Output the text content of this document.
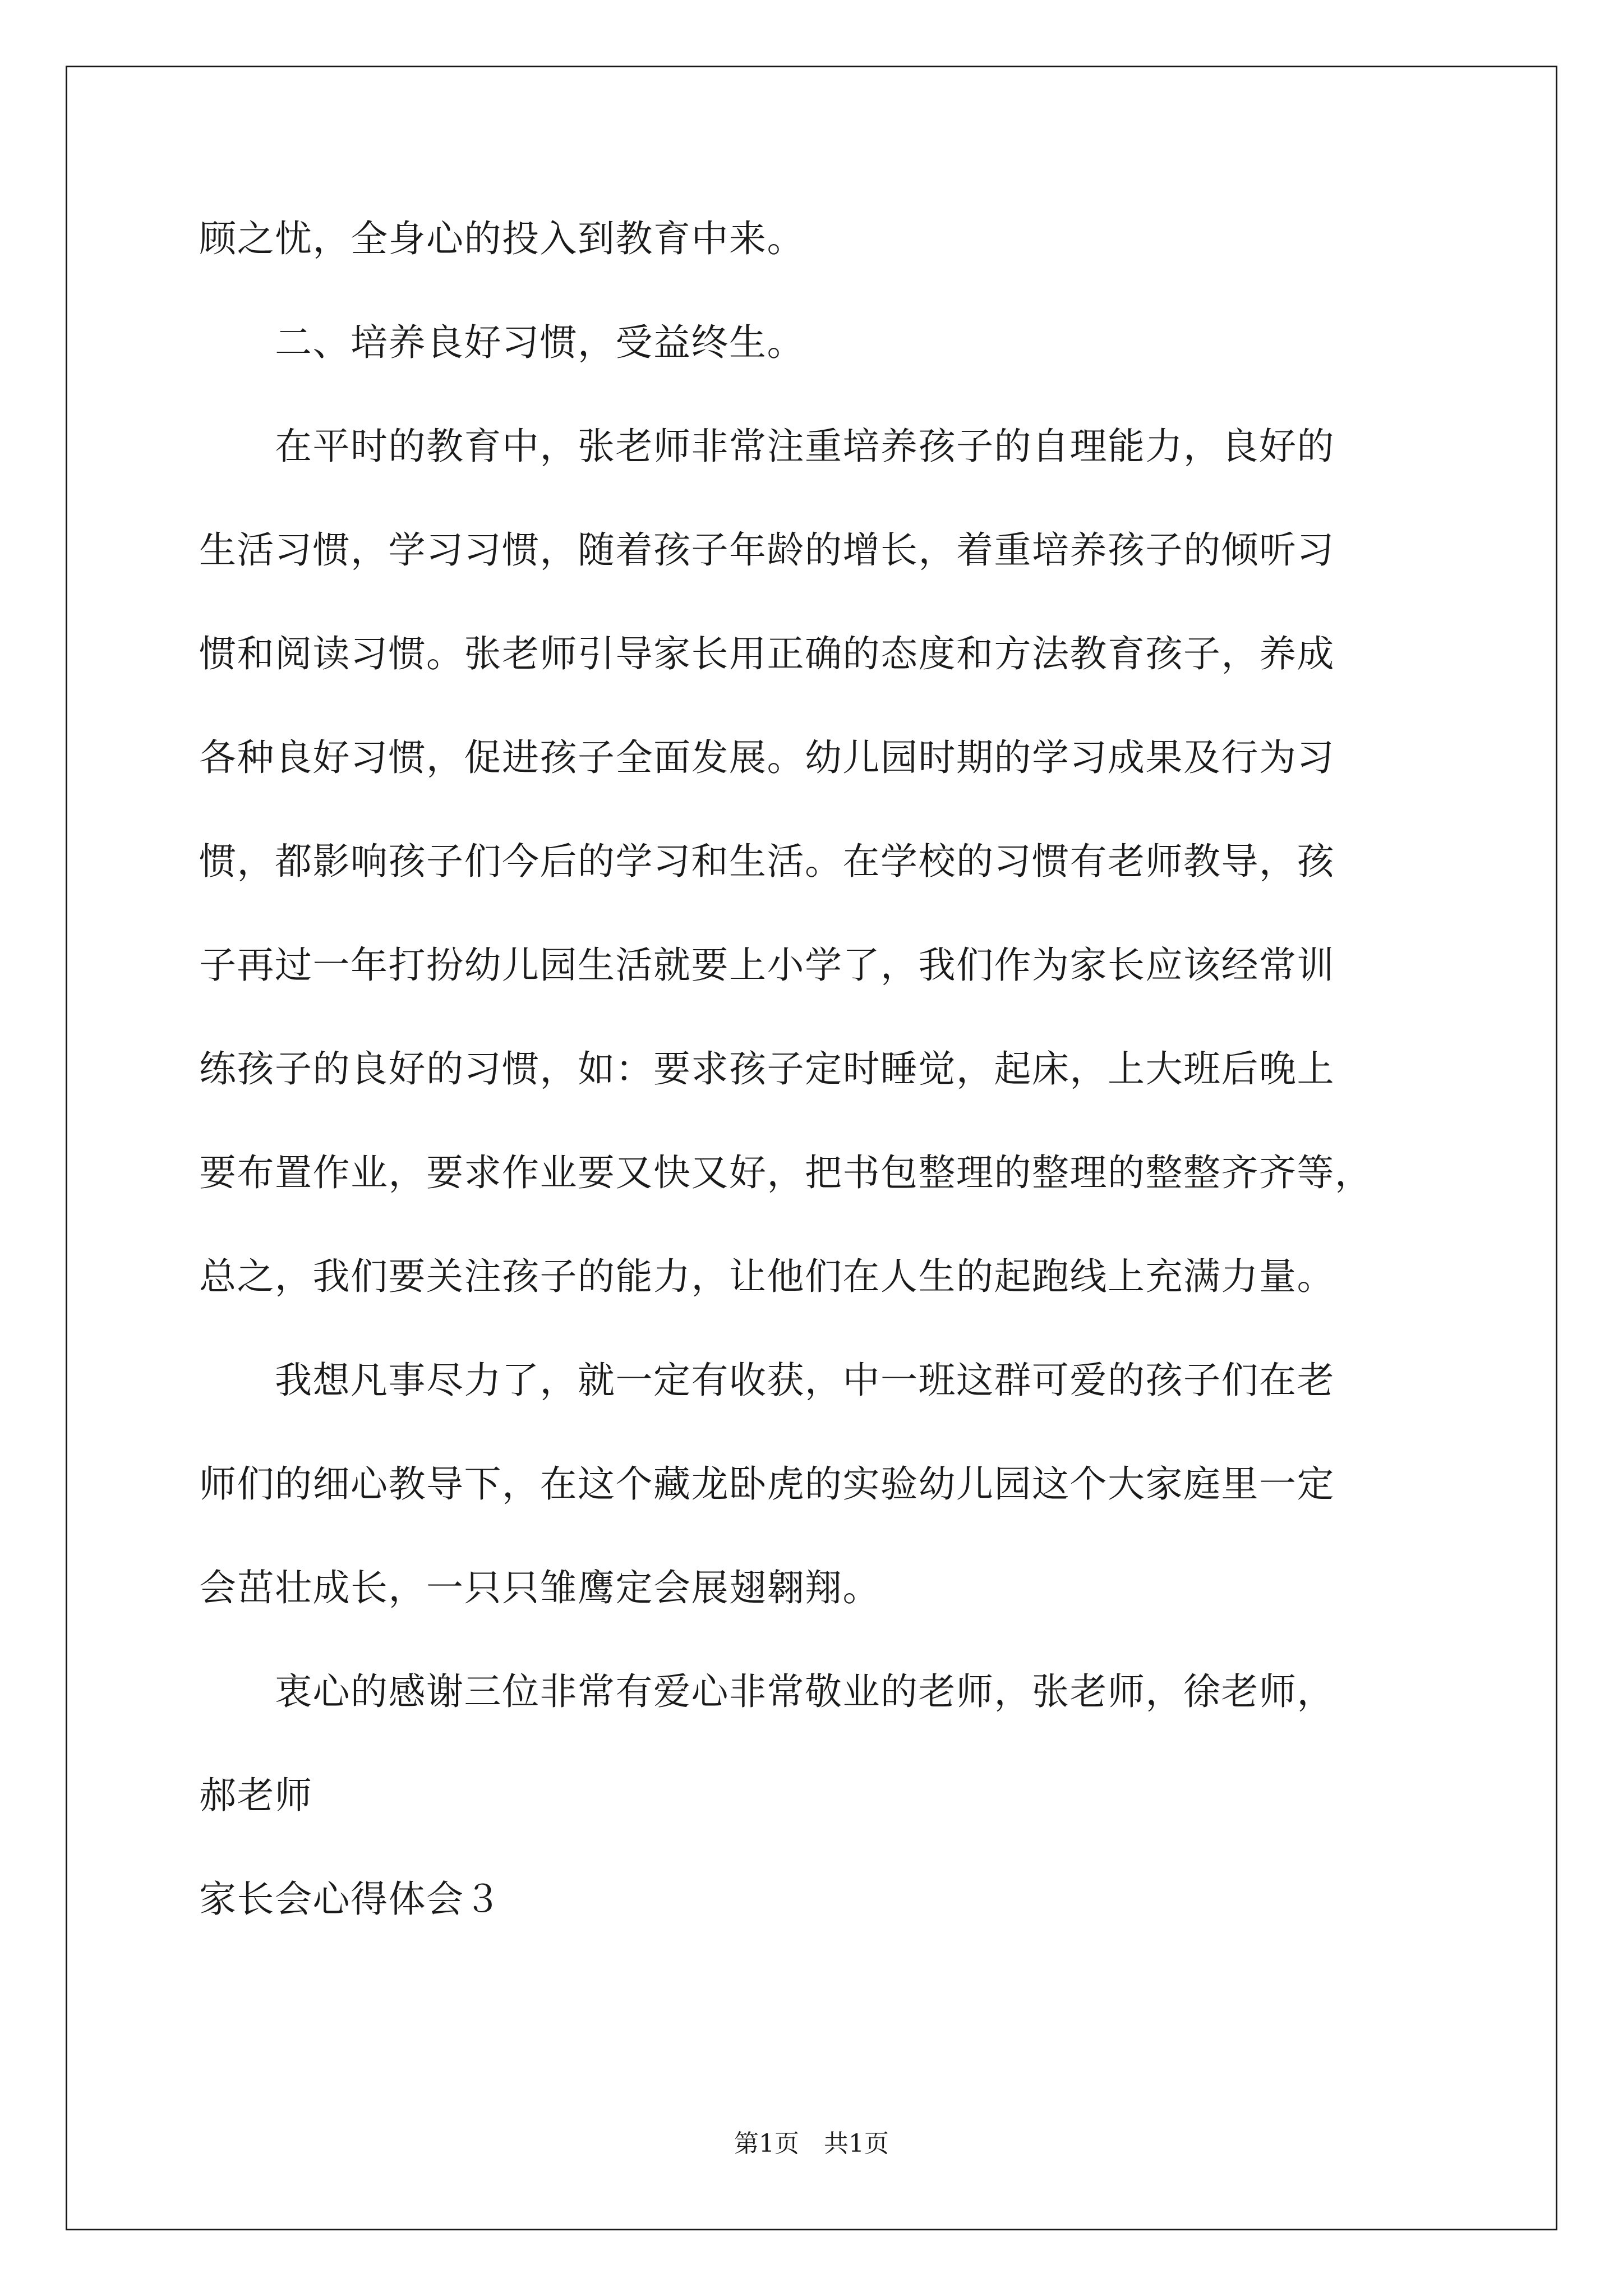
顾之忧，全身心的投入到教育中来。
　　二、培养良好习惯，受益终生。
　　在平时的教育中，张老师非常注重培养孩子的自理能力，良好的
生活习惯，学习习惯，随着孩子年龄的增长，着重培养孩子的倾听习
惯和阅读习惯。张老师引导家长用正确的态度和方法教育孩子，养成
各种良好习惯，促进孩子全面发展。幼儿园时期的学习成果及行为习
惯，都影响孩子们今后的学习和生活。在学校的习惯有老师教导，孩
子再过一年打扮幼儿园生活就要上小学了，我们作为家长应该经常训
练孩子的良好的习惯，如：要求孩子定时睡觉，起床，上大班后晚上
要布置作业，要求作业要又快又好，把书包整理的整理的整整齐齐等，
总之，我们要关注孩子的能力，让他们在人生的起跑线上充满力量。
　　我想凡事尽力了，就一定有收获，中一班这群可爱的孩子们在老
师们的细心教导下，在这个藏龙卧虎的实验幼儿园这个大家庭里一定
会茁壮成长，一只只雏鹰定会展翅翱翔。
　　衷心的感谢三位非常有爱心非常敬业的老师，张老师，徐老师，
郝老师
家长会心得体会３
第1页　共1页
